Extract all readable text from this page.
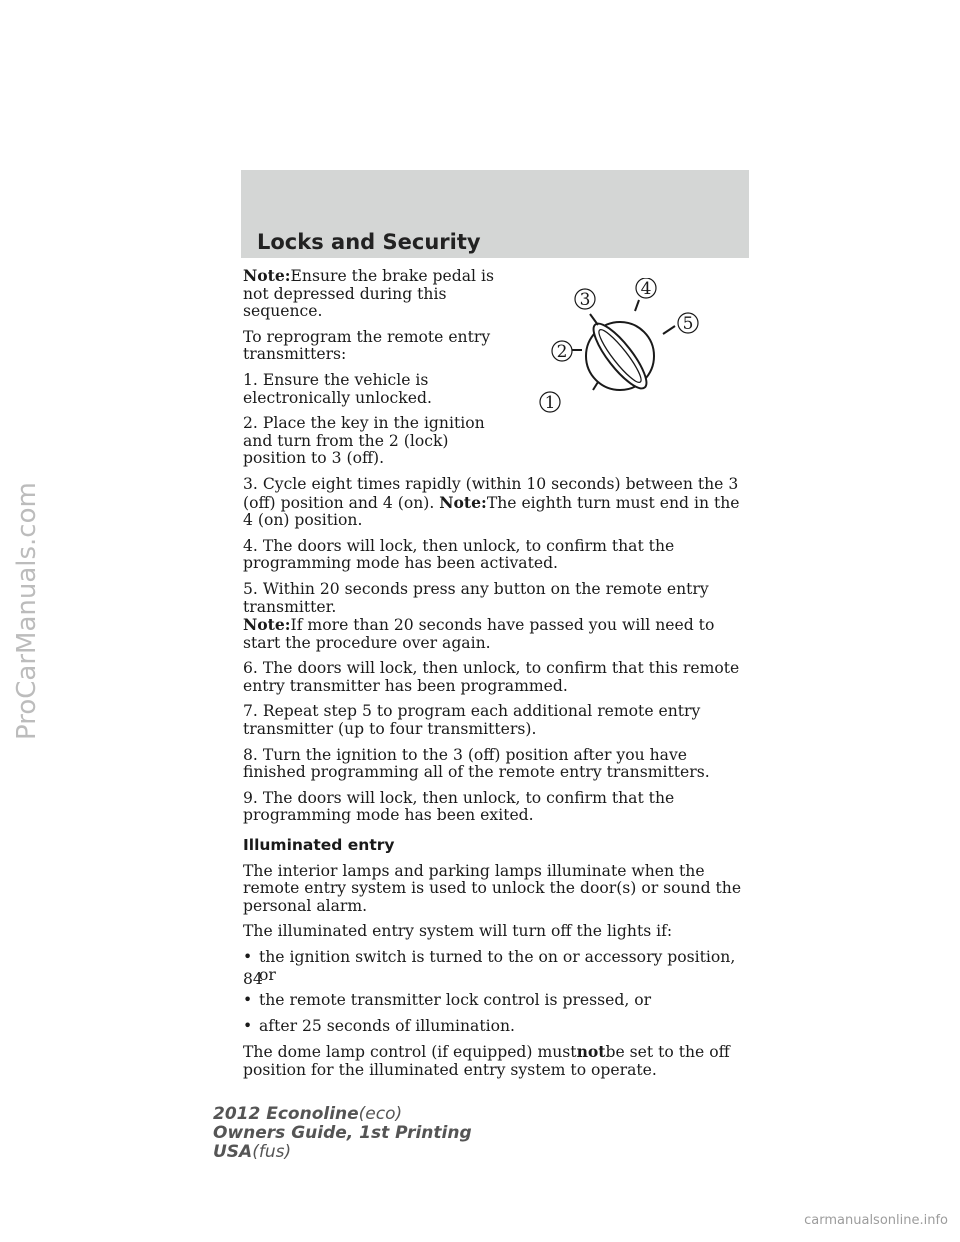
Locks and Security
1
2
3
4
5

Note:Ensure the brake pedal is not depressed during this sequence.

To reprogram the remote entry transmitters:

1. Ensure the vehicle is electronically unlocked.

2. Place the key in the ignition and turn from the 2 (lock) position to 3 (off).

3. Cycle eight times rapidly (within 10 seconds) between the 3 (off) position and 4 (on). Note:The eighth turn must end in the 4 (on) position.

4. The doors will lock, then unlock, to confirm that the programming mode has been activated.

5. Within 20 seconds press any button on the remote entry transmitter.
Note:If more than 20 seconds have passed you will need to start the procedure over again.

6. The doors will lock, then unlock, to confirm that this remote entry transmitter has been programmed.

7. Repeat step 5 to program each additional remote entry transmitter (up to four transmitters).

8. Turn the ignition to the 3 (off) position after you have finished programming all of the remote entry transmitters.

9. The doors will lock, then unlock, to confirm that the programming mode has been exited.

Illuminated entry

The interior lamps and parking lamps illuminate when the remote entry system is used to unlock the door(s) or sound the personal alarm.

The illuminated entry system will turn off the lights if:

• the ignition switch is turned to the on or accessory position, or
• the remote transmitter lock control is pressed, or
• after 25 seconds of illumination.

The dome lamp control (if equipped) mustnotbe set to the off position for the illuminated entry system to operate.

84
2012 Econoline(eco)
Owners Guide, 1st Printing
USA(fus)
ProCarManuals.com
carmanualsonline.info
